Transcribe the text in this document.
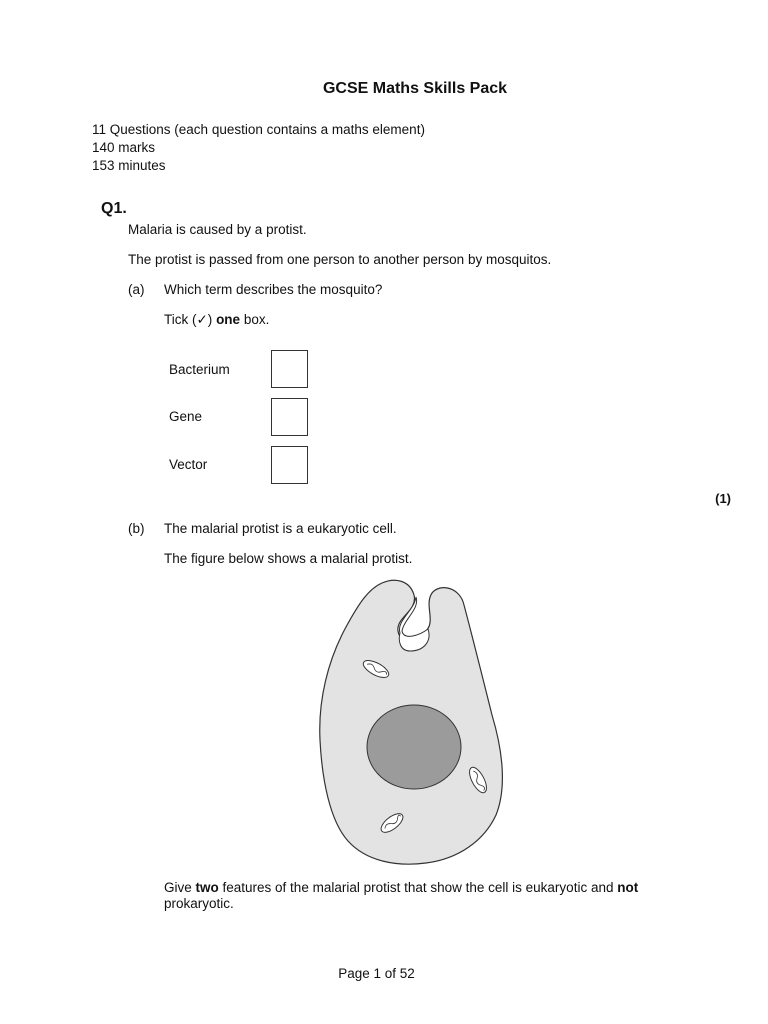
GCSE Maths Skills Pack
11 Questions (each question contains a maths element)
140 marks
153 minutes
Q1.
Malaria is caused by a protist.
The protist is passed from one person to another person by mosquitos.
(a) Which term describes the mosquito?
Tick (✓) one box.
Bacterium
Gene
Vector
(1)
(b) The malarial protist is a eukaryotic cell.
The figure below shows a malarial protist.
Give two features of the malarial protist that show the cell is eukaryotic and not prokaryotic.
Page 1 of 52
